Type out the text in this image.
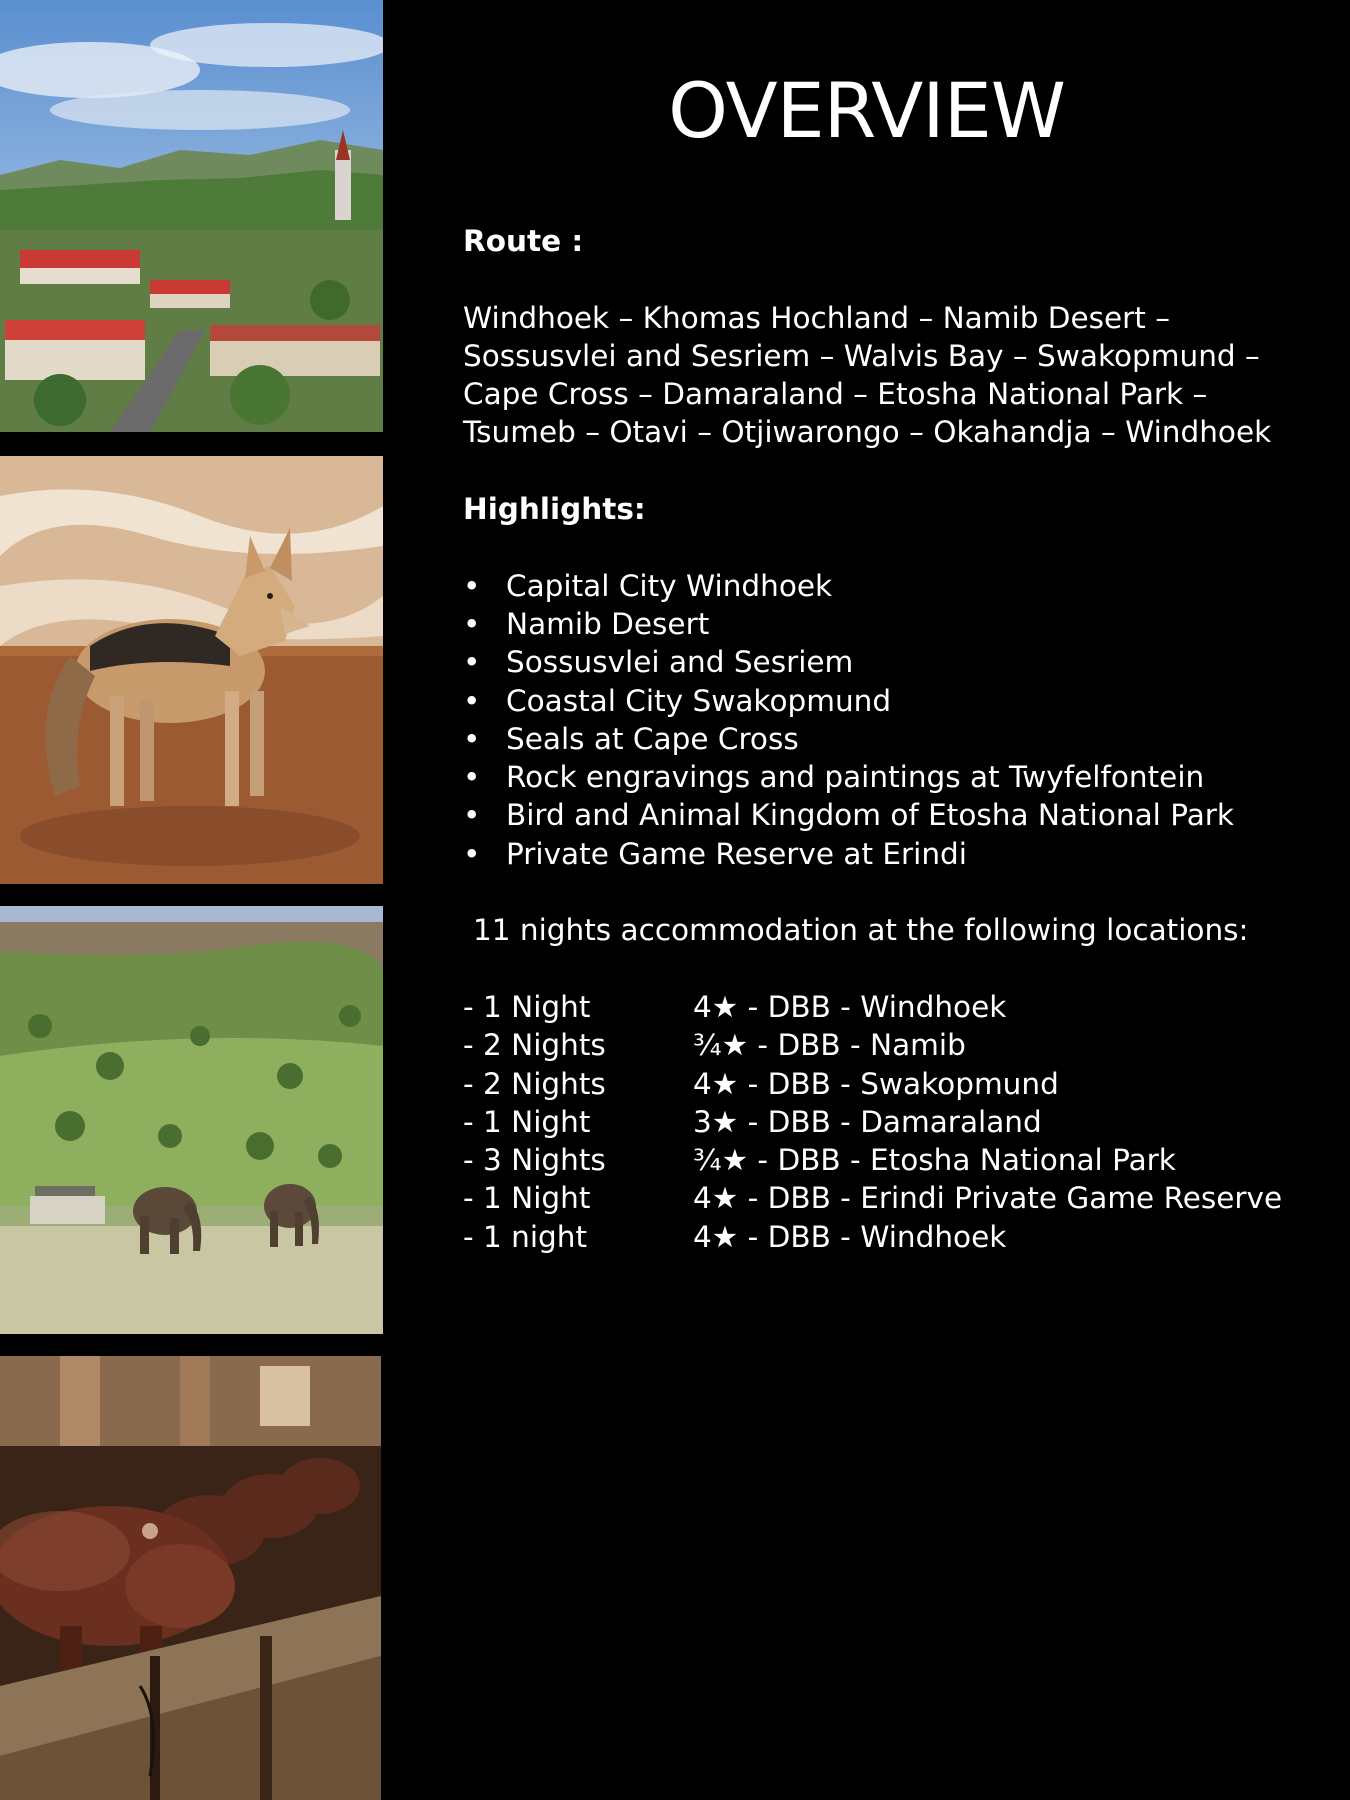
OVERVIEW
Route :
Windhoek – Khomas Hochland – Namib Desert –
Sossusvlei and Sesriem – Walvis Bay – Swakopmund –
Cape Cross – Damaraland – Etosha National Park –
Tsumeb – Otavi – Otjiwarongo – Okahandja – Windhoek
Highlights:
• Capital City Windhoek
• Namib Desert
• Sossusvlei and Sesriem
• Coastal City Swakopmund
• Seals at Cape Cross
• Rock engravings and paintings at Twyfelfontein
• Bird and Animal Kingdom of Etosha National Park
• Private Game Reserve at Erindi
11 nights accommodation at the following locations:
- 1 Night	4★ - DBB - Windhoek
- 2 Nights	¾★ - DBB - Namib
- 2 Nights	4★ - DBB - Swakopmund
- 1 Night	3★ - DBB - Damaraland
- 3 Nights	¾★ - DBB - Etosha National Park
- 1 Night	4★ - DBB - Erindi Private Game Reserve
- 1 night	4★ - DBB - Windhoek
